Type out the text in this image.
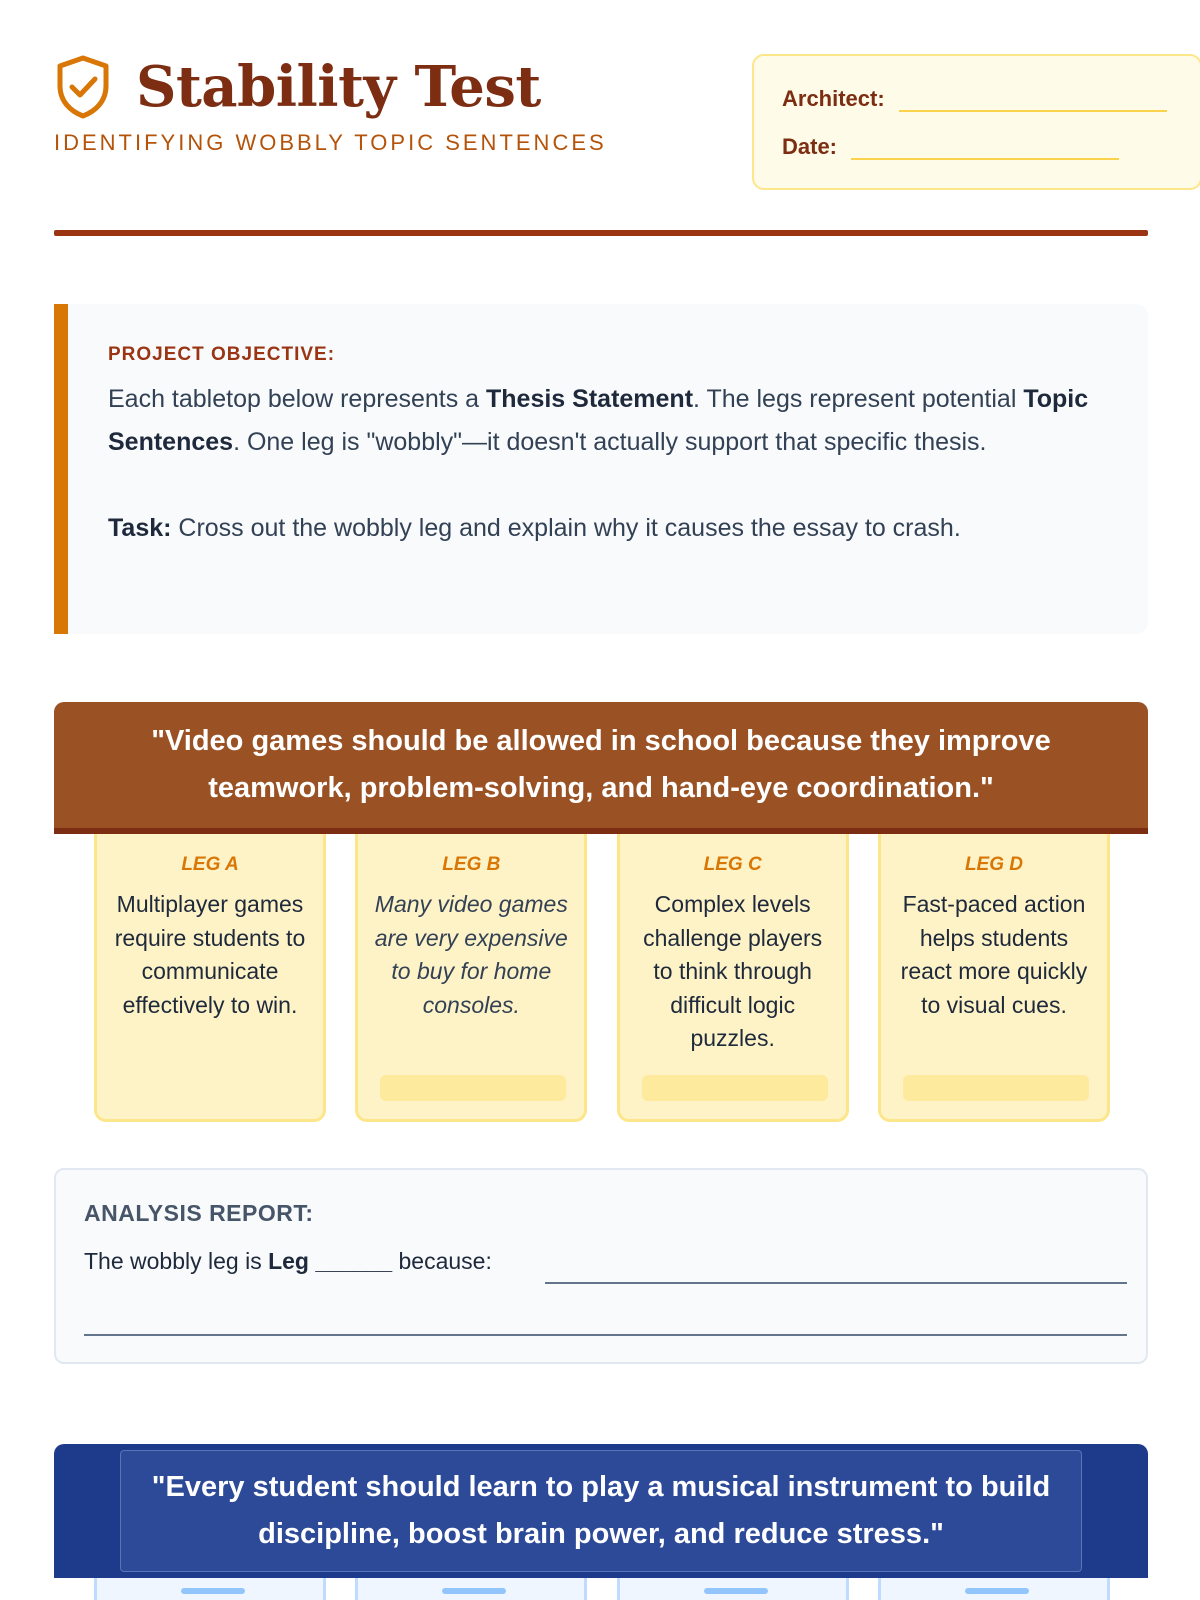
Stability Test
IDENTIFYING WOBBLY TOPIC SENTENCES
Architect:
Date:
PROJECT OBJECTIVE:
Each tabletop below represents a Thesis Statement. The legs represent potential Topic Sentences. One leg is "wobbly"—it doesn't actually support that specific thesis.
Task: Cross out the wobbly leg and explain why it causes the essay to crash.
"Video games should be allowed in school because they improve teamwork, problem-solving, and hand-eye coordination."
LEG A
Multiplayer games require students to communicate effectively to win.
LEG B
Many video games are very expensive to buy for home consoles.
LEG C
Complex levels challenge players to think through difficult logic puzzles.
LEG D
Fast-paced action helps students react more quickly to visual cues.
ANALYSIS REPORT:
The wobbly leg is Leg ______ because:
"Every student should learn to play a musical instrument to build discipline, boost brain power, and reduce stress."
